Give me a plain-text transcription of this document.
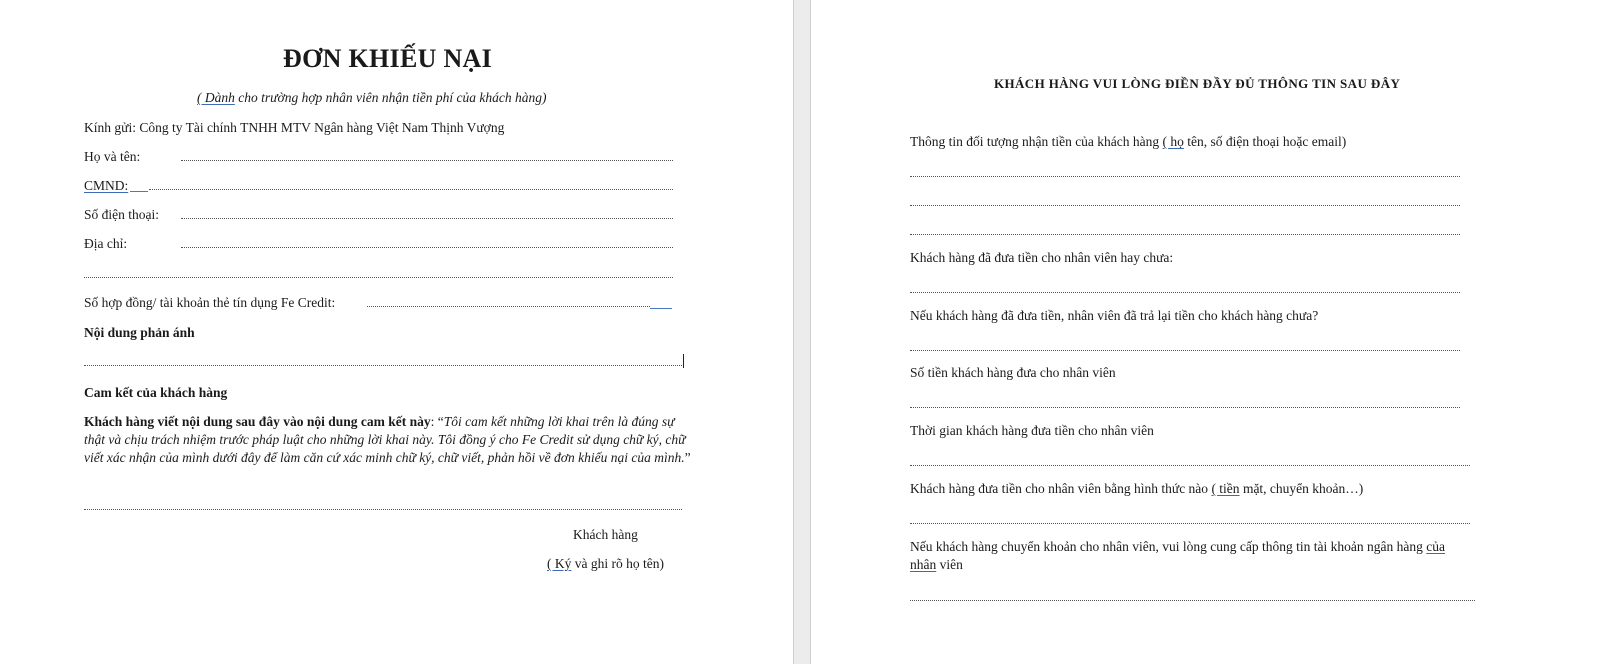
ĐƠN KHIẾU NẠI
( Dành cho trường hợp nhân viên nhận tiền phí của khách hàng)
Kính gửi: Công ty Tài chính TNHH MTV Ngân hàng Việt Nam Thịnh Vượng
Họ và tên:
CMND:
Số điện thoại:
Địa chỉ:
Số hợp đồng/ tài khoản thẻ tín dụng Fe Credit:
Nội dung phản ánh
Cam kết của khách hàng
Khách hàng viết nội dung sau đây vào nội dung cam kết này: “Tôi cam kết những lời khai trên là đúng sự thật và chịu trách nhiệm trước pháp luật cho những lời khai này. Tôi đồng ý cho Fe Credit sử dụng chữ ký, chữ viết xác nhận của mình dưới đây để làm căn cứ xác minh chữ ký, chữ viết, phản hồi về đơn khiếu nại của mình.”
Khách hàng
( Ký và ghi rõ họ tên)
KHÁCH HÀNG VUI LÒNG ĐIỀN ĐẦY ĐỦ THÔNG TIN SAU ĐÂY
Thông tin đối tượng nhận tiền của khách hàng ( họ tên, số điện thoại hoặc email)
Khách hàng đã đưa tiền cho nhân viên hay chưa:
Nếu khách hàng đã đưa tiền, nhân viên đã trả lại tiền cho khách hàng chưa?
Số tiền khách hàng đưa cho nhân viên
Thời gian khách hàng đưa tiền cho nhân viên
Khách hàng đưa tiền cho nhân viên bằng hình thức nào ( tiền mặt, chuyển khoản…)
Nếu khách hàng chuyển khoản cho nhân viên, vui lòng cung cấp thông tin tài khoản ngân hàng của
nhân viên
